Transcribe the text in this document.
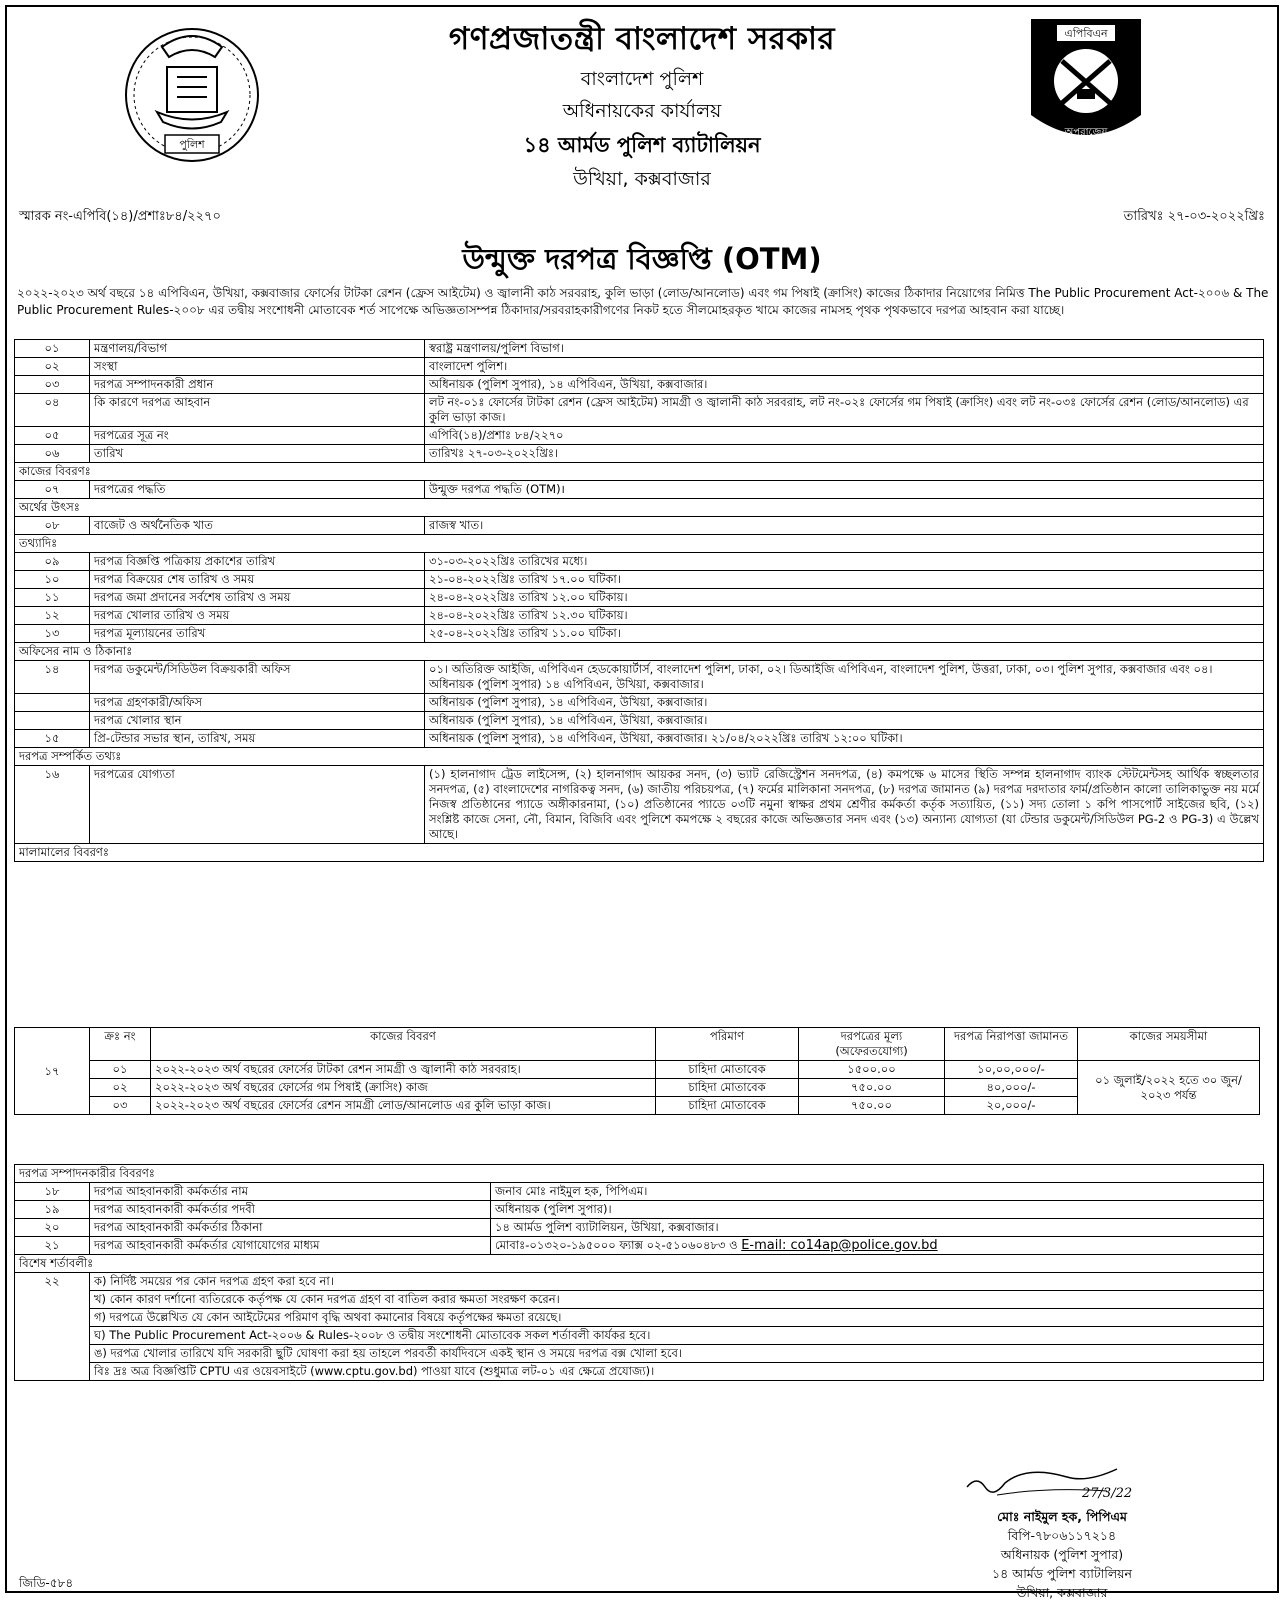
পুলিশ
এপিবিএন
অপরাজেয়
গণপ্রজাতন্ত্রী বাংলাদেশ সরকার
বাংলাদেশ পুলিশ
অধিনায়কের কার্যালয়
১৪ আর্মড পুলিশ ব্যাটালিয়ন
উখিয়া, কক্সবাজার
স্মারক নং-এপিবি(১৪)/প্রশাঃ৮৪/২২৭০	তারিখঃ ২৭-০৩-২০২২খ্রিঃ
উন্মুক্ত দরপত্র বিজ্ঞপ্তি (OTM)
২০২২-২০২৩ অর্থ বছরে ১৪ এপিবিএন, উখিয়া, কক্সবাজার ফোর্সের টাটকা রেশন (ফ্রেস আইটেম) ও জ্বালানী কাঠ সরবরাহ, কুলি ভাড়া (লোড/আনলোড) এবং গম পিষাই (ক্রাসিং) কাজের ঠিকাদার নিয়োগের নিমিত্ত The Public Procurement Act-২০০৬ & The Public Procurement Rules-২০০৮ এর তদ্বীয় সংশোধনী মোতাবেক শর্ত সাপেক্ষে অভিজ্ঞতাসম্পন্ন ঠিকাদার/সরবরাহকারীগণের নিকট হতে সীলমোহরকৃত খামে কাজের নামসহ পৃথক পৃথকভাবে দরপত্র আহবান করা যাচ্ছে।
০১	মন্ত্রণালয়/বিভাগ	স্বরাষ্ট্র মন্ত্রণালয়/পুলিশ বিভাগ।
০২	সংস্থা	বাংলাদেশ পুলিশ।
০৩	দরপত্র সম্পাদনকারী প্রধান	অধিনায়ক (পুলিশ সুপার), ১৪ এপিবিএন, উখিয়া, কক্সবাজার।
০৪	কি কারণে দরপত্র আহবান	লট নং-০১ঃ ফোর্সের টাটকা রেশন (ফ্রেস আইটেম) সামগ্রী ও জ্বালানী কাঠ সরবরাহ, লট নং-০২ঃ ফোর্সের গম পিষাই (ক্রাসিং) এবং লট নং-০৩ঃ ফোর্সের রেশন (লোড/আনলোড) এর কুলি ভাড়া কাজ।
০৫	দরপত্রের সূত্র নং	এপিবি(১৪)/প্রশাঃ ৮৪/২২৭০
০৬	তারিখ	তারিখঃ ২৭-০৩-২০২২খ্রিঃ।
কাজের বিবরণঃ		
০৭	দরপত্রের পদ্ধতি	উন্মুক্ত দরপত্র পদ্ধতি (OTM)।
অর্থের উৎসঃ		
০৮	বাজেট ও অর্থনৈতিক খাত	রাজস্ব খাত।
তথ্যাদিঃ		
০৯	দরপত্র বিজ্ঞপ্তি পত্রিকায় প্রকাশের তারিখ	৩১-০৩-২০২২খ্রিঃ তারিখের মধ্যে।
১০	দরপত্র বিক্রয়ের শেষ তারিখ ও সময়	২১-০৪-২০২২খ্রিঃ তারিখ ১৭.০০ ঘটিকা।
১১	দরপত্র জমা প্রদানের সর্বশেষ তারিখ ও সময়	২৪-০৪-২০২২খ্রিঃ তারিখ ১২.০০ ঘটিকায়।
১২	দরপত্র খোলার তারিখ ও সময়	২৪-০৪-২০২২খ্রিঃ তারিখ ১২.৩০ ঘটিকায়।
১৩	দরপত্র মূল্যায়নের তারিখ	২৫-০৪-২০২২খ্রিঃ তারিখ ১১.০০ ঘটিকা।
অফিসের নাম ও ঠিকানাঃ		
১৪	দরপত্র ডকুমেন্ট/সিডিউল বিক্রয়কারী অফিস	০১। অতিরিক্ত আইজি, এপিবিএন হেডকোয়ার্টার্স, বাংলাদেশ পুলিশ, ঢাকা, ০২। ডিআইজি এপিবিএন, বাংলাদেশ পুলিশ, উত্তরা, ঢাকা, ০৩। পুলিশ সুপার, কক্সবাজার এবং ০৪। অধিনায়ক (পুলিশ সুপার) ১৪ এপিবিএন, উখিয়া, কক্সবাজার।
	দরপত্র গ্রহণকারী/অফিস	অধিনায়ক (পুলিশ সুপার), ১৪ এপিবিএন, উখিয়া, কক্সবাজার।
	দরপত্র খোলার স্থান	অধিনায়ক (পুলিশ সুপার), ১৪ এপিবিএন, উখিয়া, কক্সবাজার।
১৫	প্রি-টেন্ডার সভার স্থান, তারিখ, সময়	অধিনায়ক (পুলিশ সুপার), ১৪ এপিবিএন, উখিয়া, কক্সবাজার। ২১/০৪/২০২২খ্রিঃ তারিখ ১২:০০ ঘটিকা।
দরপত্র সম্পর্কিত তথ্যঃ		
১৬	দরপত্রের যোগ্যতা	(১) হালনাগাদ ট্রেড লাইসেন্স, (২) হালনাগাদ আয়কর সনদ, (৩) ভ্যাট রেজিস্ট্রেশন সনদপত্র, (৪) কমপক্ষে ৬ মাসের স্থিতি সম্পন্ন হালনাগাদ ব্যাংক স্টেটমেন্টসহ আর্থিক স্বচ্ছলতার সনদপত্র, (৫) বাংলাদেশের নাগরিকত্ব সনদ, (৬) জাতীয় পরিচয়পত্র, (৭) ফর্মের মালিকানা সনদপত্র, (৮) দরপত্র জামানত (৯) দরপত্র দরদাতার ফার্ম/প্রতিষ্ঠান কালো তালিকাভুক্ত নয় মর্মে নিজস্ব প্রতিষ্ঠানের প্যাডে অঙ্গীকারনামা, (১০) প্রতিষ্ঠানের প্যাডে ০৩টি নমুনা স্বাক্ষর প্রথম শ্রেণীর কর্মকর্তা কর্তৃক সত্যায়িত, (১১) সদ্য তোলা ১ কপি পাসপোর্ট সাইজের ছবি, (১২) সংশ্লিষ্ট কাজে সেনা, নৌ, বিমান, বিজিবি এবং পুলিশে কমপক্ষে ২ বছরের কাজে অভিজ্ঞতার সনদ এবং (১৩) অন্যান্য যোগ্যতা (যা টেন্ডার ডকুমেন্ট/সিডিউল PG-2 ও PG-3) এ উল্লেখ আছে।
মালামালের বিবরণঃ		
১৭	ক্রঃ নং	কাজের বিবরণ	পরিমাণ	দরপত্রের মূল্য (অফেরতযোগ্য)	দরপত্র নিরাপত্তা জামানত	কাজের সময়সীমা
	০১	২০২২-২০২৩ অর্থ বছরের ফোর্সের টাটকা রেশন সামগ্রী ও জ্বালানী কাঠ সরবরাহ।	চাহিদা মোতাবেক	১৫০০.০০	১০,০০,০০০/-	০১ জুলাই/২০২২ হতে ৩০ জুন/২০২৩ পর্যন্ত
	০২	২০২২-২০২৩ অর্থ বছরের ফোর্সের গম পিষাই (ক্রাসিং) কাজ	চাহিদা মোতাবেক	৭৫০.০০	৪০,০০০/-	
	০৩	২০২২-২০২৩ অর্থ বছরের ফোর্সের রেশন সামগ্রী লোড/আনলোড এর কুলি ভাড়া কাজ।	চাহিদা মোতাবেক	৭৫০.০০	২০,০০০/-	
দরপত্র সম্পাদনকারীর বিবরণঃ		
১৮	দরপত্র আহবানকারী কর্মকর্তার নাম	জনাব মোঃ নাইমুল হক, পিপিএম।
১৯	দরপত্র আহবানকারী কর্মকর্তার পদবী	অধিনায়ক (পুলিশ সুপার)।
২০	দরপত্র আহবানকারী কর্মকর্তার ঠিকানা	১৪ আর্মড পুলিশ ব্যাটালিয়ন, উখিয়া, কক্সবাজার।
২১	দরপত্র আহবানকারী কর্মকর্তার যোগাযোগের মাধ্যম	মোবাঃ-০১৩২০-১৯৫০০০ ফ্যাক্স ০২-৫১০৬০৪৮৩ ও E-mail: co14ap@police.gov.bd
বিশেষ শর্তাবলীঃ		
২২	ক) নির্দিষ্ট সময়ের পর কোন দরপত্র গ্রহণ করা হবে না।	
	খ) কোন কারণ দর্শানো ব্যতিরেকে কর্তৃপক্ষ যে কোন দরপত্র গ্রহণ বা বাতিল করার ক্ষমতা সংরক্ষণ করেন।	
	গ) দরপত্রে উল্লেখিত যে কোন আইটেমের পরিমাণ বৃদ্ধি অথবা কমানোর বিষয়ে কর্তৃপক্ষের ক্ষমতা রয়েছে।	
	ঘ) The Public Procurement Act-২০০৬ & Rules-২০০৮ ও তদ্বীয় সংশোধনী মোতাবেক সকল শর্তাবলী কার্যকর হবে।	
	ঙ) দরপত্র খোলার তারিখে যদি সরকারী ছুটি ঘোষণা করা হয় তাহলে পরবর্তী কার্যদিবসে একই স্থান ও সময়ে দরপত্র বক্স খোলা হবে।	
	বিঃ দ্রঃ অত্র বিজ্ঞপ্তিটি CPTU এর ওয়েবসাইটে (www.cptu.gov.bd) পাওয়া যাবে (শুধুমাত্র লট-০১ এর ক্ষেত্রে প্রযোজ্য)।	
27/3/22
মোঃ নাইমুল হক, পিপিএম
বিপি-৭৮০৬১১৭২১৪
অধিনায়ক (পুলিশ সুপার)
১৪ আর্মড পুলিশ ব্যাটালিয়ন
উখিয়া, কক্সবাজার
জিডি-৫৮৪
